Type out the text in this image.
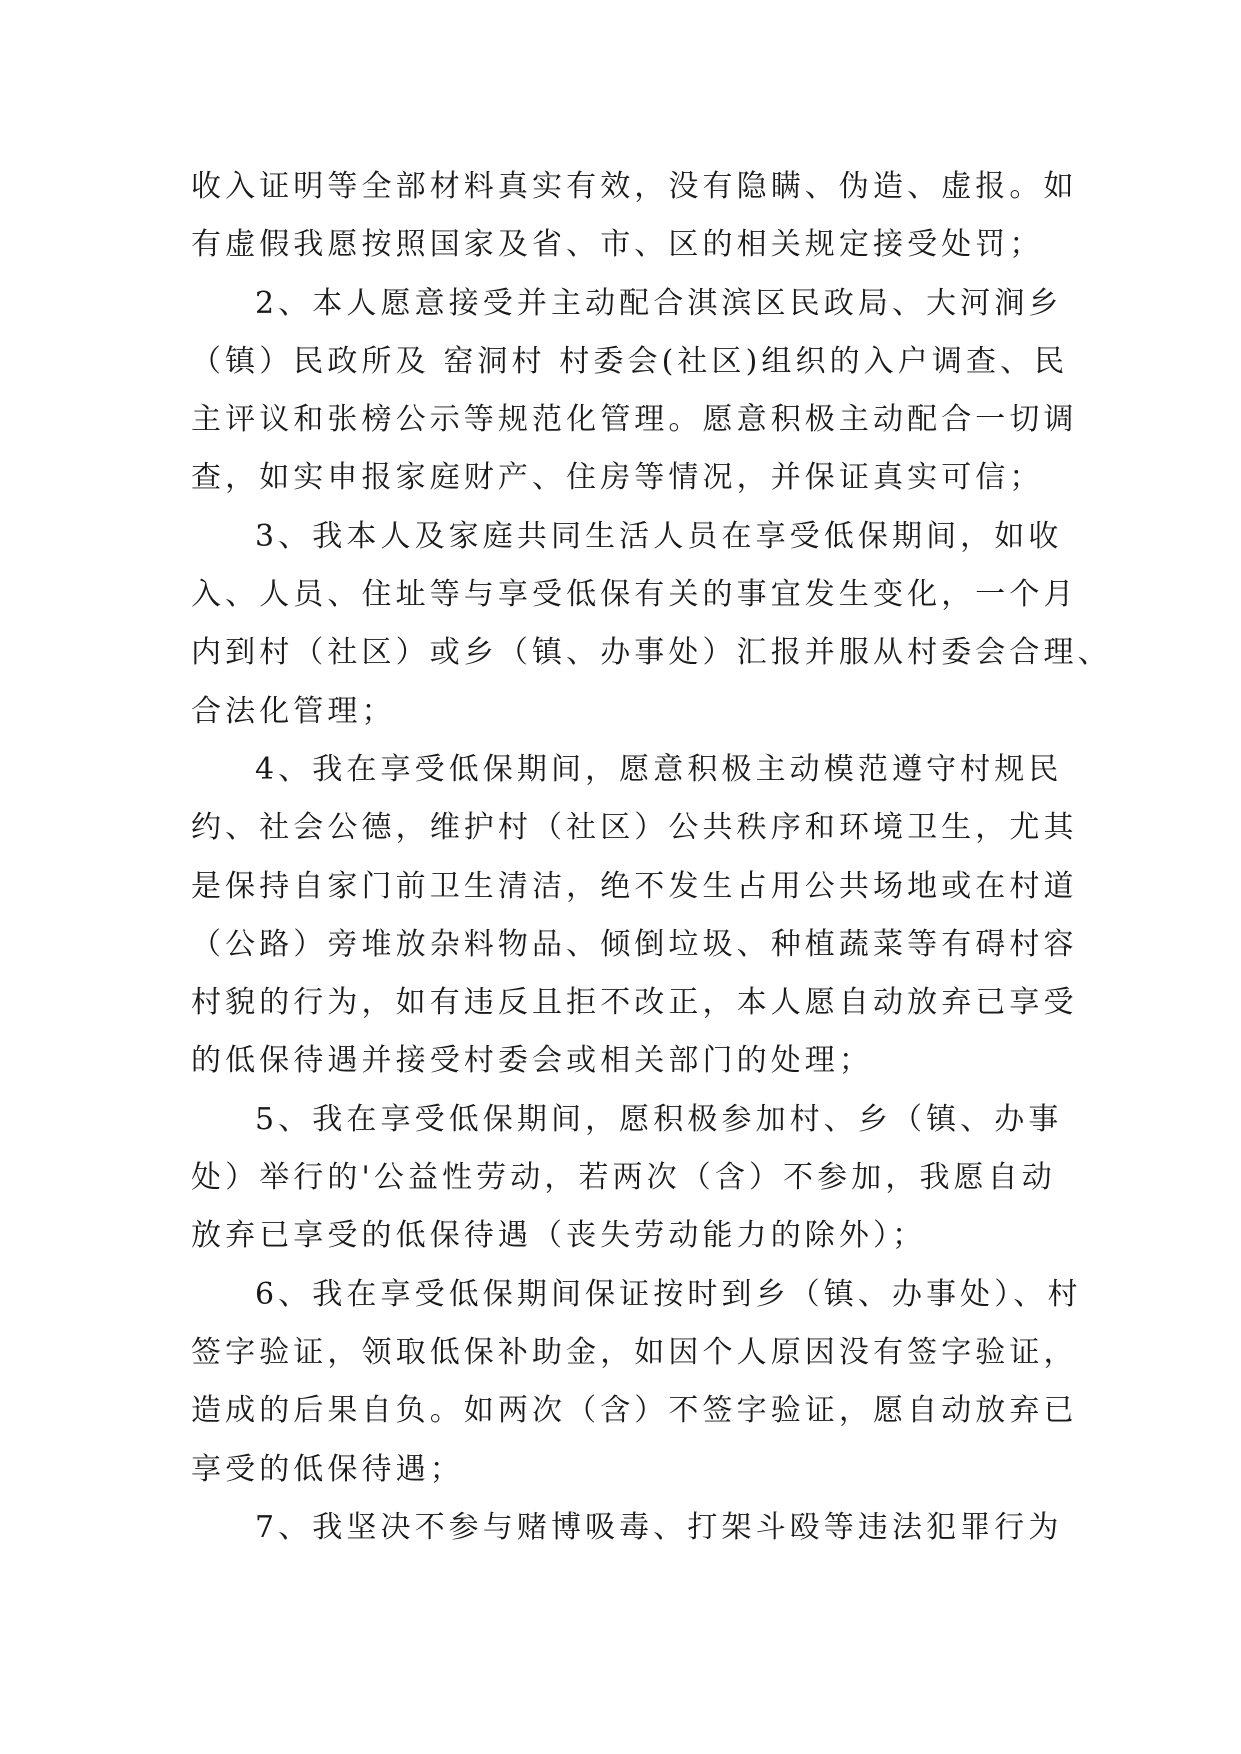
收入证明等全部材料真实有效，没有隐瞒、伪造、虚报。如
有虚假我愿按照国家及省、市、区的相关规定接受处罚；
2、本人愿意接受并主动配合淇滨区民政局、大河涧乡
（镇）民政所及 窑洞村 村委会(社区)组织的入户调查、民
主评议和张榜公示等规范化管理。愿意积极主动配合一切调
查，如实申报家庭财产、住房等情况，并保证真实可信；
3、我本人及家庭共同生活人员在享受低保期间，如收
入、人员、住址等与享受低保有关的事宜发生变化，一个月
内到村（社区）或乡（镇、办事处）汇报并服从村委会合理、
合法化管理；
4、我在享受低保期间，愿意积极主动模范遵守村规民
约、社会公德，维护村（社区）公共秩序和环境卫生，尤其
是保持自家门前卫生清洁，绝不发生占用公共场地或在村道
（公路）旁堆放杂料物品、倾倒垃圾、种植蔬菜等有碍村容
村貌的行为，如有违反且拒不改正，本人愿自动放弃已享受
的低保待遇并接受村委会或相关部门的处理；
5、我在享受低保期间，愿积极参加村、乡（镇、办事
处）举行的'公益性劳动，若两次（含）不参加，我愿自动
放弃已享受的低保待遇（丧失劳动能力的除外）；
6、我在享受低保期间保证按时到乡（镇、办事处）、村
签字验证，领取低保补助金，如因个人原因没有签字验证，
造成的后果自负。如两次（含）不签字验证，愿自动放弃已
享受的低保待遇；
7、我坚决不参与赌博吸毒、打架斗殴等违法犯罪行为
